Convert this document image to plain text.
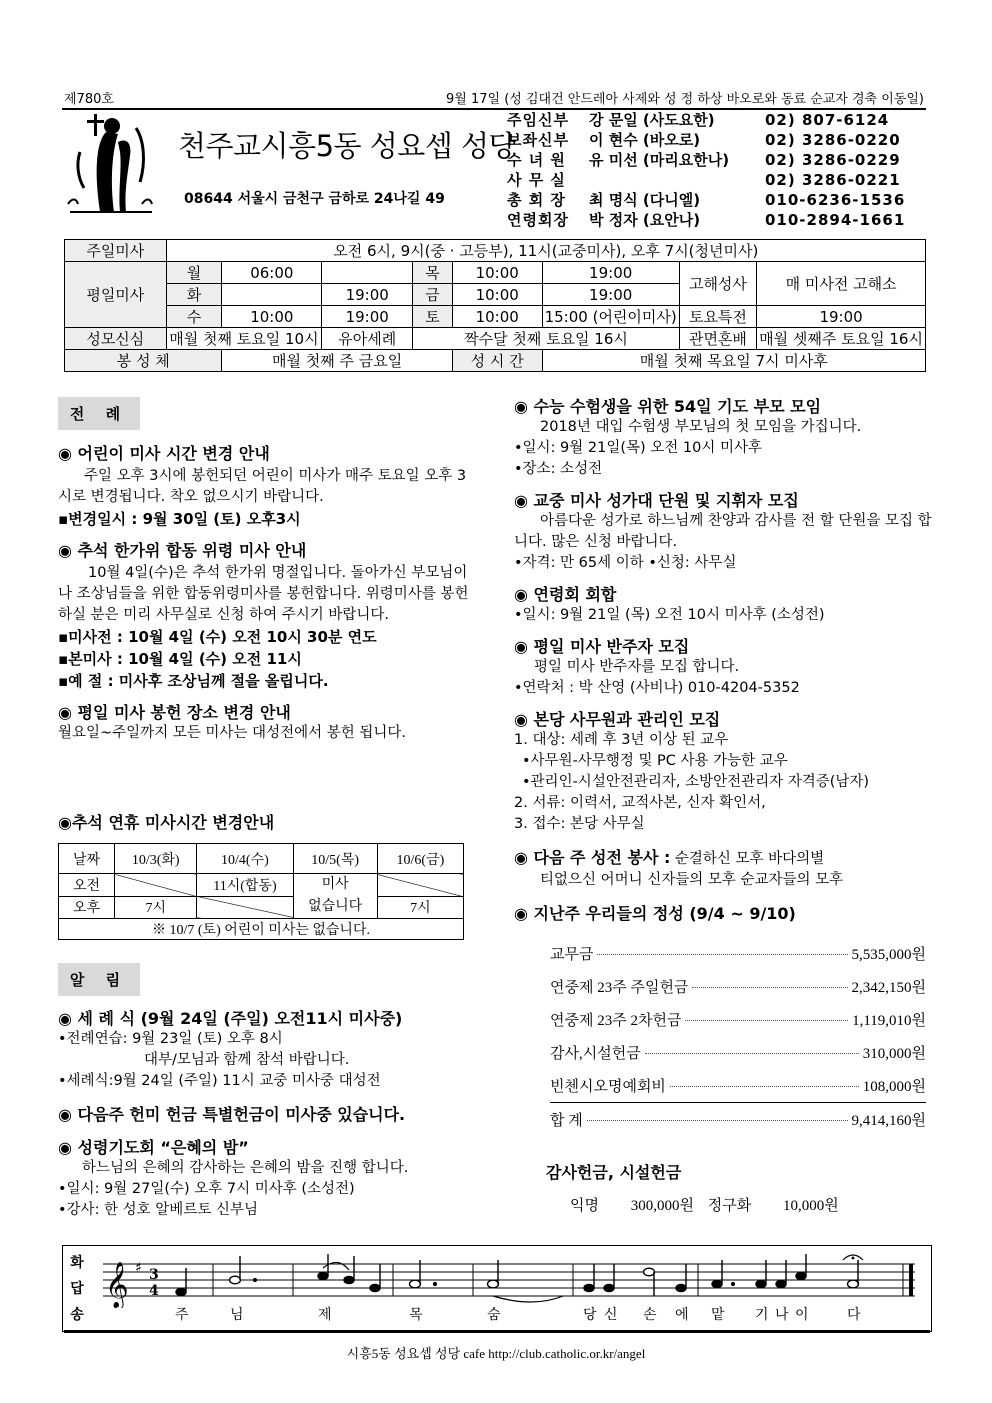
제780호	9월 17일 (성 김대건 안드레아 사제와 성 정 하상 바오로와 동료 순교자 경축 이동일)
천주교시흥5동 성요셉 성당
08644 서울시 금천구 금하로 24나길 49
주임신부	강 문일 (사도요한)	02) 807-6124
보좌신부	이 현수 (바오로)	02) 3286-0220
수 녀 원	유 미선 (마리요한나)	02) 3286-0229
사 무 실	02) 3286-0221
총 회 장	최 명식 (다니엘)	010-6236-1536
연령회장	박 정자 (요안나)	010-2894-1661
주일미사	오전 6시, 9시(중 · 고등부), 11시(교중미사), 오후 7시(청년미사)							
평일미사	월	06:00		목	10:00	19:00	고해성사	매 미사전 고해소
	화		19:00	금	10:00	19:00		
	수	10:00	19:00	토	10:00	15:00 (어린이미사)	토요특전	19:00
성모신심	매월 첫째 토요일 10시		유아세례	짝수달 첫째 토요일 16시			관면혼배	매월 셋째주 토요일 16시
봉 성 체		매월 첫째 주 금요일			성 시 간	매월 첫째 목요일 7시 미사후		
전 례

◉ 어린이 미사 시간 변경 안내

주일 오후 3시에 봉헌되던 어린이 미사가 매주 토요일 오후 3시로 변경됩니다. 착오 없으시기 바랍니다.

▪변경일시 : 9월 30일 (토) 오후3시

◉ 추석 한가위 합동 위령 미사 안내

10월 4일(수)은 추석 한가위 명절입니다. 돌아가신 부모님이나 조상님들을 위한 합동위령미사를 봉헌합니다. 위령미사를 봉헌하실 분은 미리 사무실로 신청 하여 주시기 바랍니다.

▪미사전 : 10월 4일 (수) 오전 10시 30분 연도

▪본미사 : 10월 4일 (수) 오전 11시

▪예 절 : 미사후 조상님께 절을 올립니다.

◉ 평일 미사 봉헌 장소 변경 안내

월요일~주일까지 모든 미사는 대성전에서 봉헌 됩니다.

◉추석 연휴 미사시간 변경안내

날짜	10/3(화)	10/4(수)	10/5(목)	10/6(금)
오전		11시(합동)	미사
없습니다	

오후	7시			7시
※ 10/7 (토) 어린이 미사는 없습니다.				
알 림

◉ 세 례 식 (9월 24일 (주일) 오전11시 미사중)

•전례연습: 9월 23일 (토) 오후 8시

대부/모님과 함께 참석 바랍니다.

•세례식:9월 24일 (주일) 11시 교중 미사중 대성전

◉ 다음주 헌미 헌금 특별헌금이 미사중 있습니다.

◉ 성령기도회 “은혜의 밤”

하느님의 은혜의 감사하는 은혜의 밤을 진행 합니다.

•일시: 9월 27일(수) 오후 7시 미사후 (소성전)

•강사: 한 성호 알베르토 신부님

◉ 수능 수험생을 위한 54일 기도 부모 모임

2018년 대입 수험생 부모님의 첫 모임을 가집니다.

•일시: 9월 21일(목) 오전 10시 미사후

•장소: 소성전

◉ 교중 미사 성가대 단원 및 지휘자 모집

아름다운 성가로 하느님께 찬양과 감사를 전 할 단원을 모집 합니다. 많은 신청 바랍니다.

•자격: 만 65세 이하 •신청: 사무실

◉ 연령회 회합

•일시: 9월 21일 (목) 오전 10시 미사후 (소성전)

◉ 평일 미사 반주자 모집

평일 미사 반주자를 모집 합니다.

•연락처 : 박 산영 (사비나) 010-4204-5352

◉ 본당 사무원과 관리인 모집

1. 대상: 세례 후 3년 이상 된 교우

•사무원-사무행정 및 PC 사용 가능한 교우

•관리인-시설안전관리자, 소방안전관리자 자격증(남자)

2. 서류: 이력서, 교적사본, 신자 확인서,

3. 접수: 본당 사무실

◉ 다음 주 성전 봉사 : 순결하신 모후 바다의별

티없으신 어머니 신자들의 모후 순교자들의 모후

◉ 지난주 우리들의 정성 (9/4 ~ 9/10)

교무금	5,535,000원
연중제 23주 주일헌금	2,342,150원
연중제 23주 2차헌금	1,119,010원
감사,시설헌금	310,000원
빈첸시오명예회비	108,000원
합 계	9,414,160원

감사헌금, 시설헌금

익명 300,000원 정구화 10,000원
화
답
송
𝄞 ♯ 3
4
주	님	제	목	숨	당 신 손 에 맡 기 나 이	다
시흥5동 성요셉 성당 cafe http://club.catholic.or.kr/angel
